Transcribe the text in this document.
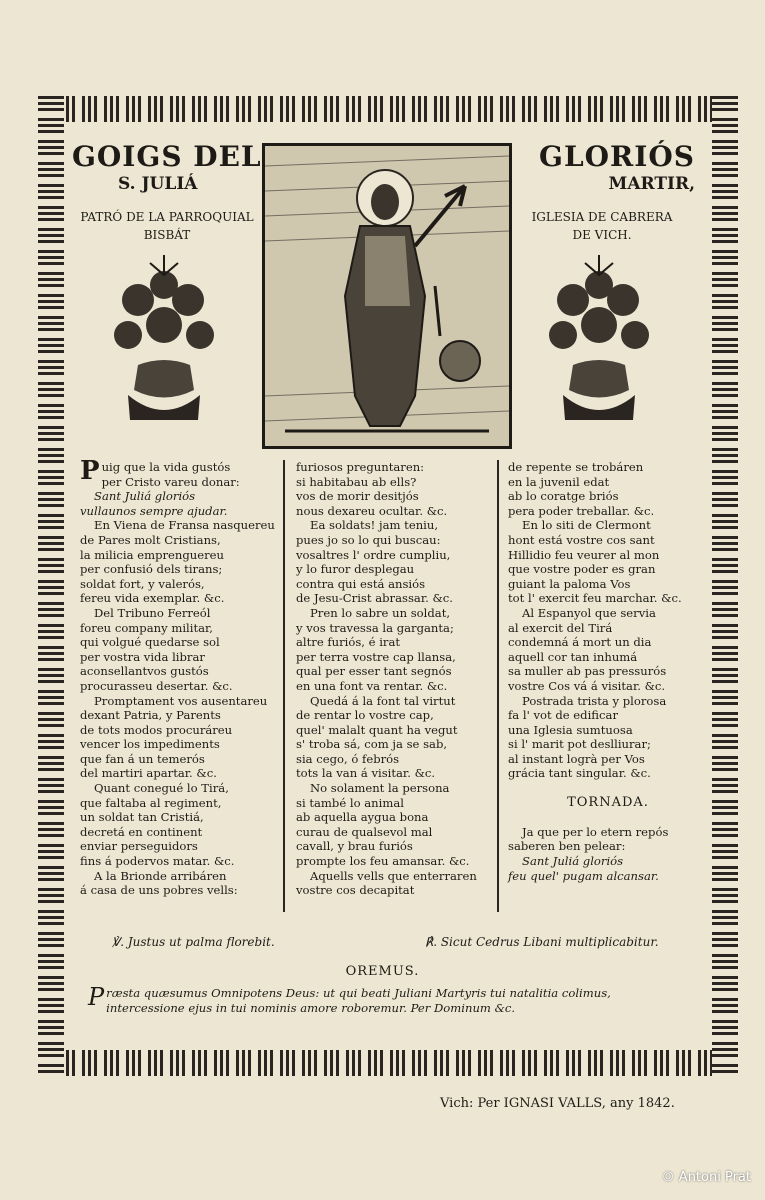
GOIGS DEL	GLORIÓS
S. JULIÁ	MARTIR,
PATRÓ DE LA PARROQUIAL
BISBÁT
IGLESIA DE CABRERA
DE VICH.
Puig que la vida gustós
per Cristo vareu donar:
Sant Juliá gloriós
vullaunos sempre ajudar.
En Viena de Fransa nasquereu
de Pares molt Cristians,
la milicia emprenguereu
per confusió dels tirans;
soldat fort, y valerós,
fereu vida exemplar. &c.
Del Tribuno Ferreól
foreu company militar,
qui volgué quedarse sol
per vostra vida librar
aconsellantvos gustós
procurasseu desertar. &c.
Promptament vos ausentareu
dexant Patria, y Parents
de tots modos procuráreu
vencer los impediments
que fan á un temerós
del martiri apartar. &c.
Quant conegué lo Tirá,
que faltaba al regiment,
un soldat tan Cristiá,
decretá en continent
enviar perseguidors
fins á podervos matar. &c.
A la Brionde arribáren
á casa de uns pobres vells:
furiosos preguntaren:
si habitabau ab ells?
vos de morir desitjós
nous dexareu ocultar. &c.
Ea soldats! jam teniu,
pues jo so lo qui buscau:
vosaltres l' ordre cumpliu,
y lo furor desplegau
contra qui está ansiós
de Jesu-Crist abrassar. &c.
Pren lo sabre un soldat,
y vos travessa la garganta;
altre furiós, é irat
per terra vostre cap llansa,
qual per esser tant segnós
en una font va rentar. &c.
Quedá á la font tal virtut
de rentar lo vostre cap,
quel' malalt quant ha vegut
s' troba sá, com ja se sab,
sia cego, ó febrós
tots la van á visitar. &c.
No solament la persona
si també lo animal
ab aquella aygua bona
curau de qualsevol mal
cavall, y brau furiós
prompte los feu amansar. &c.
Aquells vells que enterraren
vostre cos decapitat
de repente se trobáren
en la juvenil edat
ab lo coratge briós
pera poder treballar. &c.
En lo siti de Clermont
hont está vostre cos sant
Hillidio feu veurer al mon
que vostre poder es gran
guiant la paloma Vos
tot l' exercit feu marchar. &c.
Al Espanyol que servia
al exercit del Tirá
condemná á mort un dia
aquell cor tan inhumá
sa muller ab pas pressurós
vostre Cos vá á visitar. &c.
Postrada trista y plorosa
fa l' vot de edificar
una Iglesia sumtuosa
si l' marit pot deslliurar;
al instant logrà per Vos
grácia tant singular. &c.
TORNADA.
Ja que per lo etern repós
saberen ben pelear:
Sant Juliá gloriós
feu quel' pugam alcansar.
℣. Justus ut palma florebit.	℟. Sicut Cedrus Libani multiplicabitur.
OREMUS.
Præsta quæsumus Omnipotens Deus: ut qui beati Juliani Martyris tui natalitia colimus, intercessione ejus in tui nominis amore roboremur. Per Dominum &c.
Vich: Per IGNASI VALLS, any 1842.
© Antoni Prat
